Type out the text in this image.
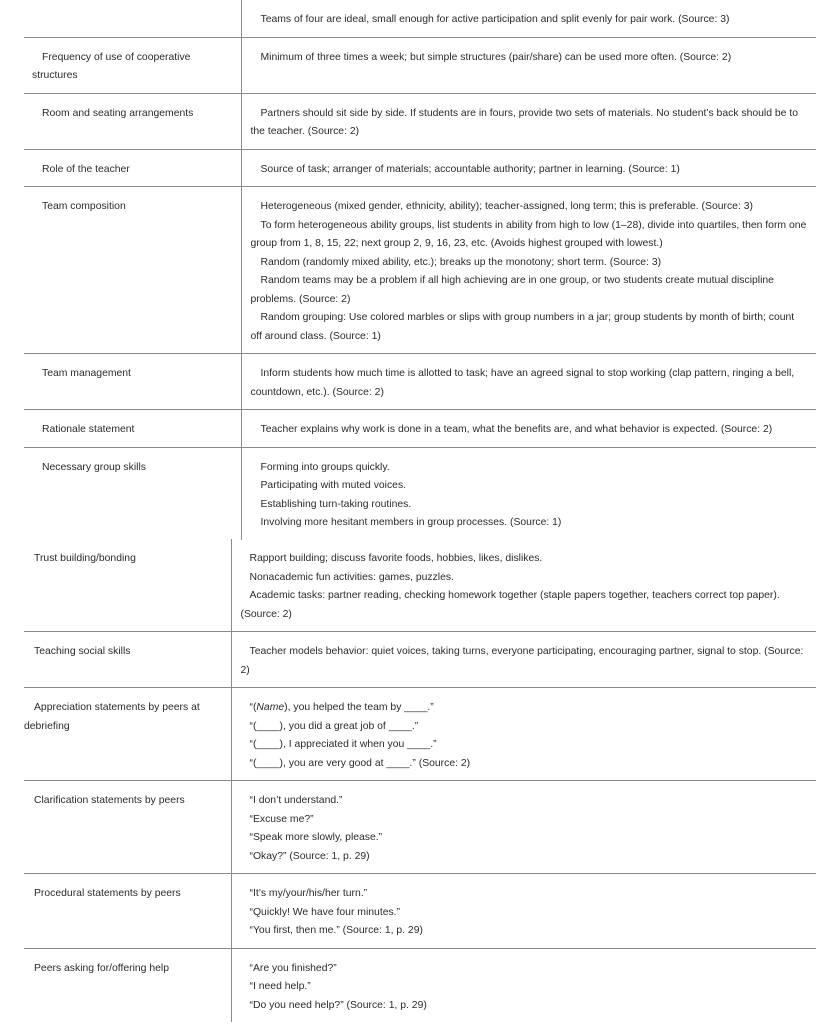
	Teams of four are ideal, small enough for active participation and split evenly for pair work. (Source: 3)

Frequency of use of cooperative structures	Minimum of three times a week; but simple structures (pair/share) can be used more often. (Source: 2)

Room and seating arrangements	Partners should sit side by side. If students are in fours, provide two sets of materials. No student’s back should be to the teacher. (Source: 2)

Role of the teacher	Source of task; arranger of materials; accountable authority; partner in learning. (Source: 1)

Team composition	Heterogeneous (mixed gender, ethnicity, ability); teacher-assigned, long term; this is preferable. (Source: 3)
To form heterogeneous ability groups, list students in ability from high to low (1–28), divide into quartiles, then form one group from 1, 8, 15, 22; next group 2, 9, 16, 23, etc. (Avoids highest grouped with lowest.)
Random (randomly mixed ability, etc.); breaks up the monotony; short term. (Source: 3)
Random teams may be a problem if all high achieving are in one group, or two students create mutual discipline problems. (Source: 2)
Random grouping: Use colored marbles or slips with group numbers in a jar; group students by month of birth; count off around class. (Source: 1)

Team management	Inform students how much time is allotted to task; have an agreed signal to stop working (clap pattern, ringing a bell, countdown, etc.). (Source: 2)

Rationale statement	Teacher explains why work is done in a team, what the benefits are, and what behavior is expected. (Source: 2)

Necessary group skills	Forming into groups quickly.
Participating with muted voices.
Establishing turn-taking routines.
Involving more hesitant members in group processes. (Source: 1)
Trust building/bonding	Rapport building; discuss favorite foods, hobbies, likes, dislikes.
Nonacademic fun activities: games, puzzles.
Academic tasks: partner reading, checking homework together (staple papers together, teachers correct top paper). (Source: 2)

Teaching social skills	Teacher models behavior: quiet voices, taking turns, everyone participating, encouraging partner, signal to stop. (Source: 2)

Appreciation statements by peers at debriefing	“(Name), you helped the team by ____.”
“(____), you did a great job of ____.”
“(____), I appreciated it when you ____.”
“(____), you are very good at ____.” (Source: 2)

Clarification statements by peers	“I don’t understand.”
“Excuse me?”
“Speak more slowly, please.”
“Okay?” (Source: 1, p. 29)

Procedural statements by peers	“It’s my/your/his/her turn.”
“Quickly! We have four minutes.”
“You first, then me.” (Source: 1, p. 29)

Peers asking for/offering help	“Are you finished?”
“I need help.”
“Do you need help?” (Source: 1, p. 29)
